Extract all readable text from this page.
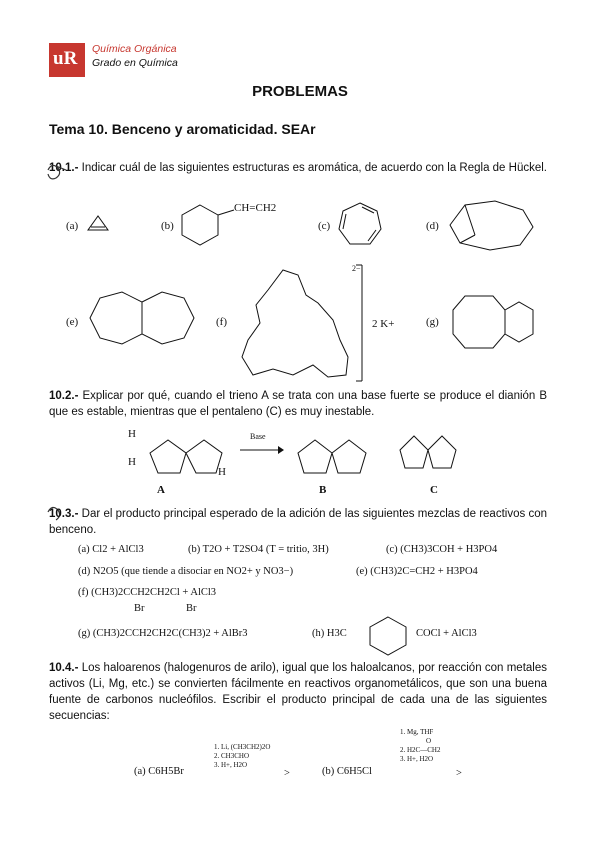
uR Química Orgánica
Grado en Química
PROBLEMAS
Tema 10. Benceno y aromaticidad. SEAr
10.1.- Indicar cuál de las siguientes estructuras es aromática, de acuerdo con la Regla de Hückel.
(a)	(b)
CH=CH2
(c)	(d)
(e)	(f)
2−
2 K+	(g)
10.2.- Explicar por qué, cuando el trieno A se trata con una base fuerte se produce el dianión B que es estable, mientras que el pentaleno (C) es muy inestable.
H
H
H
A
Base
B	C
10.3.- Dar el producto principal esperado de la adición de las siguientes mezclas de reactivos con benceno.
(a) Cl2 + AlCl3	(b) T2O + T2SO4 (T = tritio, 3H)	(c) (CH3)3COH + H3PO4
(d) N2O5 (que tiende a disociar en NO2+ y NO3−)	(e) (CH3)2C=CH2 + H3PO4
(f) (CH3)2CCH2CH2Cl + AlCl3
Br	Br
(g) (CH3)2CCH2CH2C(CH3)2 + AlBr3	(h) H3C	COCl + AlCl3
10.4.- Los haloarenos (halogenuros de arilo), igual que los haloalcanos, por reacción con metales activos (Li, Mg, etc.) se convierten fácilmente en reactivos organometálicos, que son una buena fuente de carbonos nucleófilos. Escribir el producto principal de cada una de las siguientes secuencias:
(a) C6H5Br
1. Li, (CH3CH2)2O
2. CH3CHO
3. H+, H2O
>	(b) C6H5Cl
1. Mg, THF
O
2. H2C—CH2
3. H+, H2O
>
